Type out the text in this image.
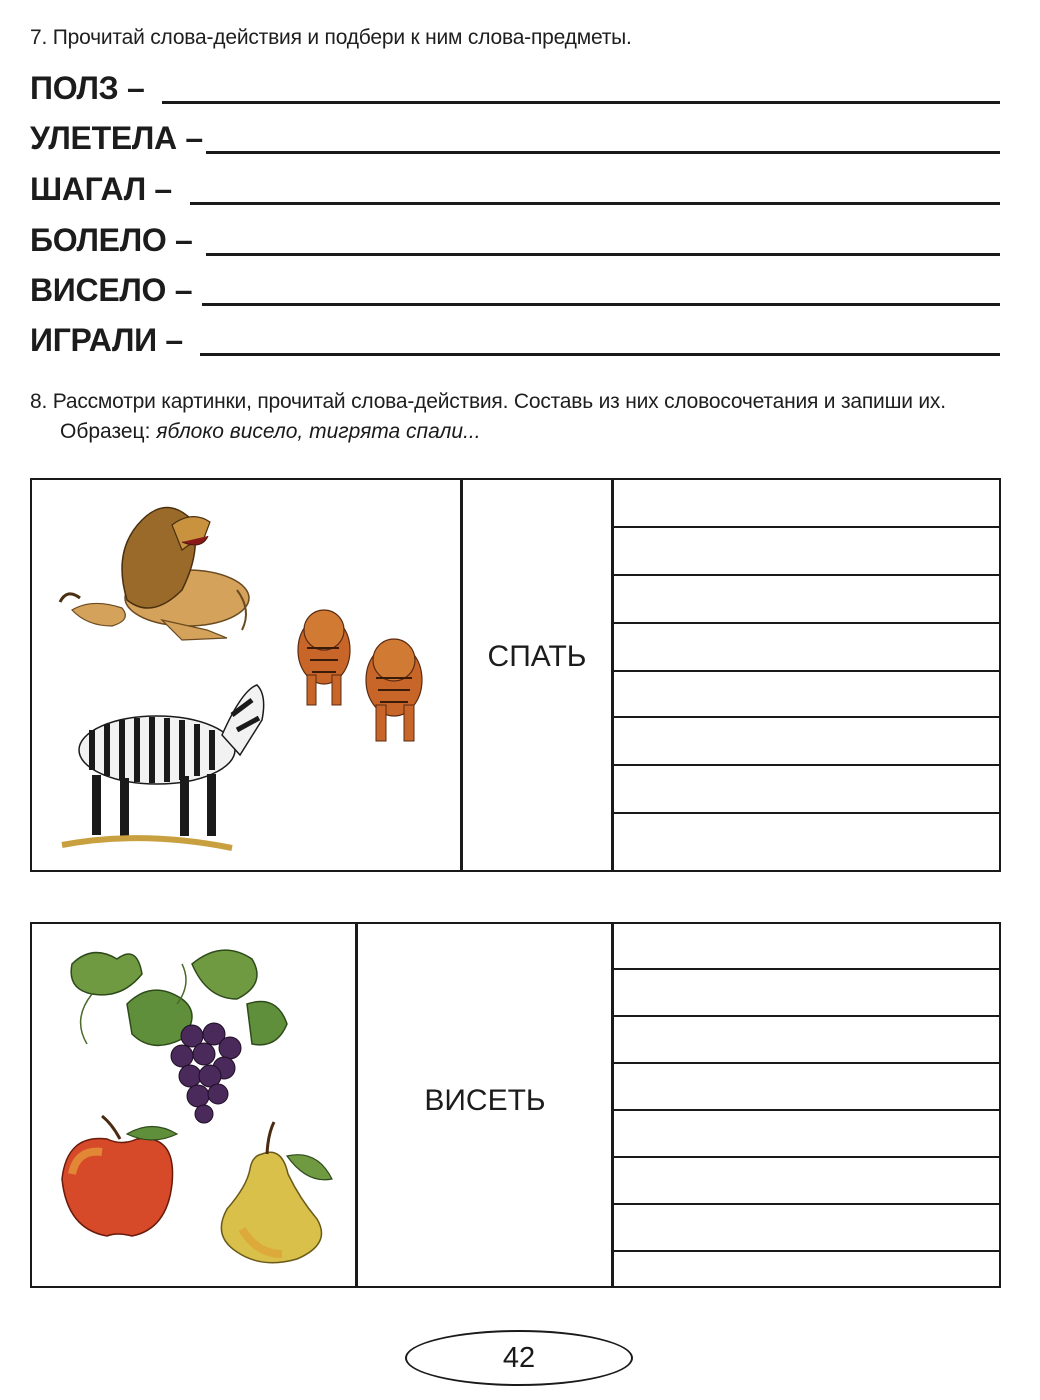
7. Прочитай слова-действия и подбери к ним слова-предметы.
ПОЛЗ –
УЛЕТЕЛА –
ШАГАЛ –
БОЛЕЛО –
ВИСЕЛО –
ИГРАЛИ –
8. Рассмотри картинки, прочитай слова-действия. Составь из них словосочетания и запиши их.
Образец: яблоко висело, тигрята спали...
СПАТЬ
ВИСЕТЬ
42
